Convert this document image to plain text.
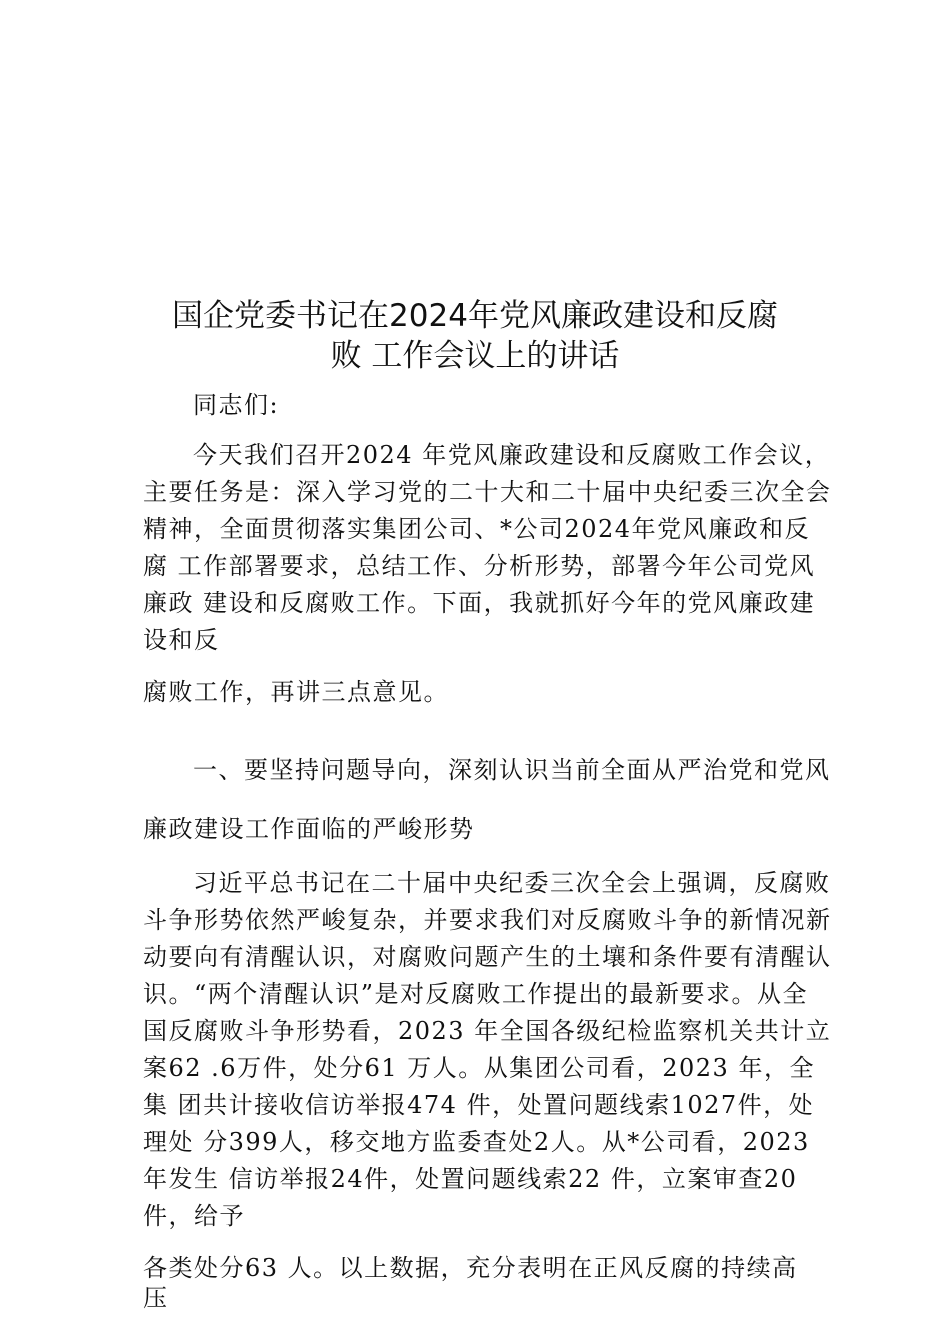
国企党委书记在2024年党风廉政建设和反腐
败 工作会议上的讲话
同志们:
今天我们召开2024 年党风廉政建设和反腐败工作会议，
主要任务是：深入学习党的二十大和二十届中央纪委三次全会
精神，全面贯彻落实集团公司、*公司2024年党风廉政和反
腐 工作部署要求，总结工作、分析形势，部署今年公司党风
廉政 建设和反腐败工作。下面，我就抓好今年的党风廉政建
设和反
腐败工作，再讲三点意见。
一、要坚持问题导向，深刻认识当前全面从严治党和党风
廉政建设工作面临的严峻形势
习近平总书记在二十届中央纪委三次全会上强调，反腐败
斗争形势依然严峻复杂，并要求我们对反腐败斗争的新情况新
动要向有清醒认识，对腐败问题产生的土壤和条件要有清醒认
识。“两个清醒认识”是对反腐败工作提出的最新要求。从全
国反腐败斗争形势看，2023 年全国各级纪检监察机关共计立
案62 .6万件，处分61 万人。从集团公司看，2023 年，全
集 团共计接收信访举报474 件，处置问题线索1027件，处
理处 分399人，移交地方监委查处2人。从*公司看，2023
年发生 信访举报24件，处置问题线索22 件，立案审查20
件，给予
各类处分63 人。以上数据，充分表明在正风反腐的持续高
压
